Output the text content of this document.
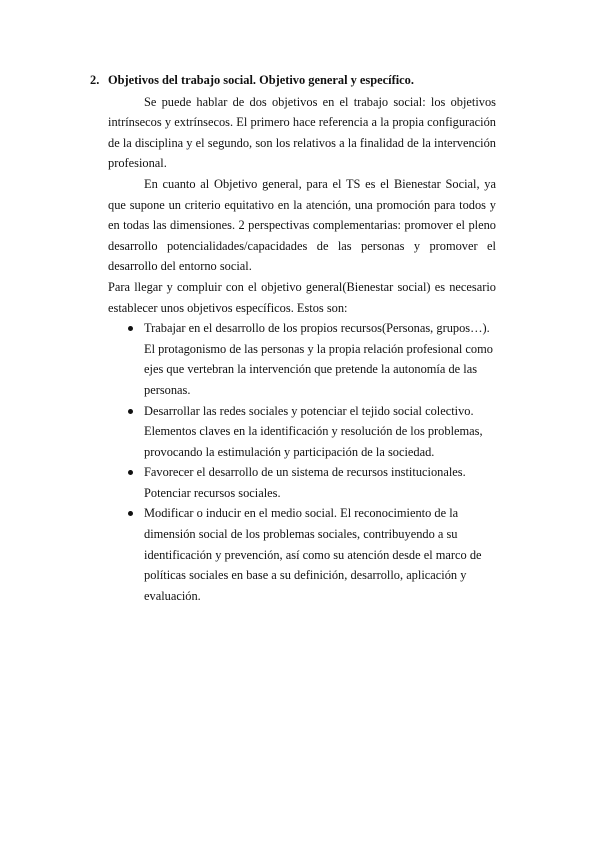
2. Objetivos del trabajo social. Objetivo general y específico.

Se puede hablar de dos objetivos en el trabajo social: los objetivos intrínsecos y extrínsecos. El primero hace referencia a la propia configuración de la disciplina y el segundo, son los relativos a la finalidad de la intervención profesional.

En cuanto al Objetivo general, para el TS es el Bienestar Social, ya que supone un criterio equitativo en la atención, una promoción para todos y en todas las dimensiones. 2 perspectivas complementarias: promover el pleno desarrollo potencialidades/capacidades de las personas y promover el desarrollo del entorno social.

Para llegar y compluir con el objetivo general(Bienestar social) es necesario establecer unos objetivos específicos. Estos son:

Trabajar en el desarrollo de los propios recursos(Personas, grupos…). El protagonismo de las personas y la propia relación profesional como ejes que vertebran la intervención que pretende la autonomía de las personas.
Desarrollar las redes sociales y potenciar el tejido social colectivo. Elementos claves en la identificación y resolución de los problemas, provocando la estimulación y participación de la sociedad.
Favorecer el desarrollo de un sistema de recursos institucionales. Potenciar recursos sociales.
Modificar o inducir en el medio social. El reconocimiento de la dimensión social de los problemas sociales, contribuyendo a su identificación y prevención, así como su atención desde el marco de políticas sociales en base a su definición, desarrollo, aplicación y evaluación.
